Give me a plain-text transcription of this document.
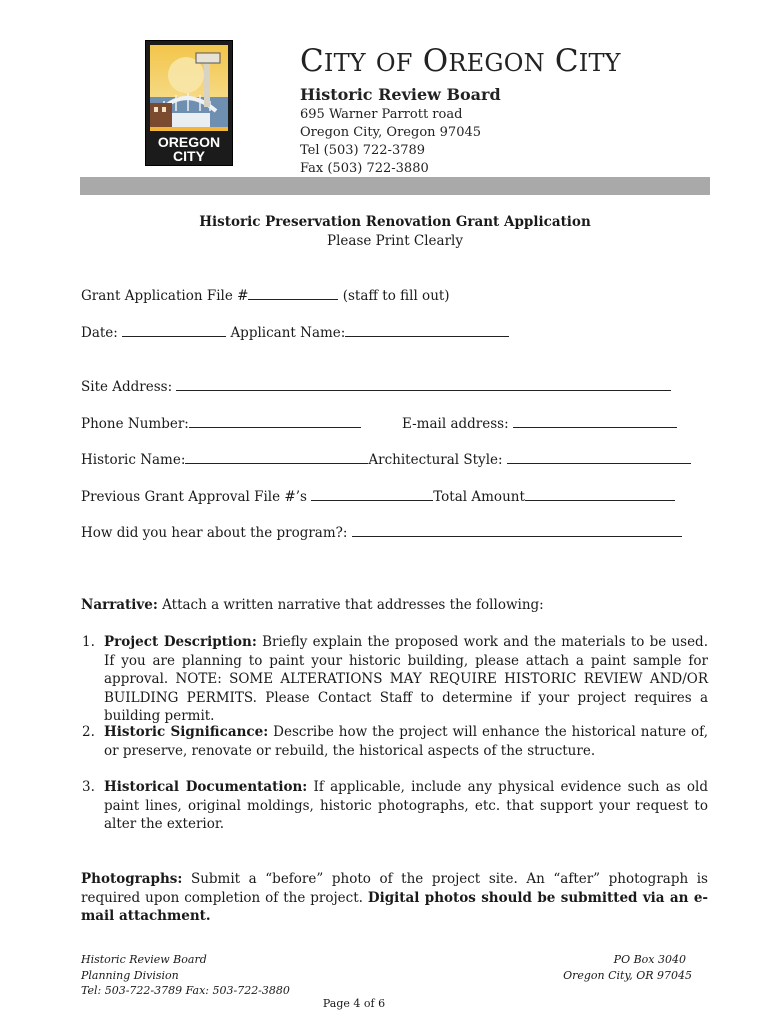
OREGON
CITY
CITY OF OREGON CITY
Historic Review Board
695 Warner Parrott road
Oregon City, Oregon 97045
Tel (503) 722-3789
Fax (503) 722-3880
Historic Preservation Renovation Grant Application
Please Print Clearly
Grant Application File #	(staff to fill out)
Date:	Applicant Name:
Site Address:
Phone Number:	E-mail address:
Historic Name:	Architectural Style:
Previous Grant Approval File #’s	Total Amount
How did you hear about the program?:
Narrative: Attach a written narrative that addresses the following:
1. Project Description: Briefly explain the proposed work and the materials to be used. If you are planning to paint your historic building, please attach a paint sample for approval. NOTE: SOME ALTERATIONS MAY REQUIRE HISTORIC REVIEW AND/OR BUILDING PERMITS. Please Contact Staff to determine if your project requires a building permit.
2. Historic Significance: Describe how the project will enhance the historical nature of, or preserve, renovate or rebuild, the historical aspects of the structure.
3. Historical Documentation: If applicable, include any physical evidence such as old paint lines, original moldings, historic photographs, etc. that support your request to alter the exterior.
Photographs: Submit a “before” photo of the project site. An “after” photograph is required upon completion of the project. Digital photos should be submitted via an e-mail attachment.
Historic Review Board
Planning Division
Tel: 503-722-3789 Fax: 503-722-3880
PO Box 3040
Oregon City, OR 97045
Page 4 of 6
